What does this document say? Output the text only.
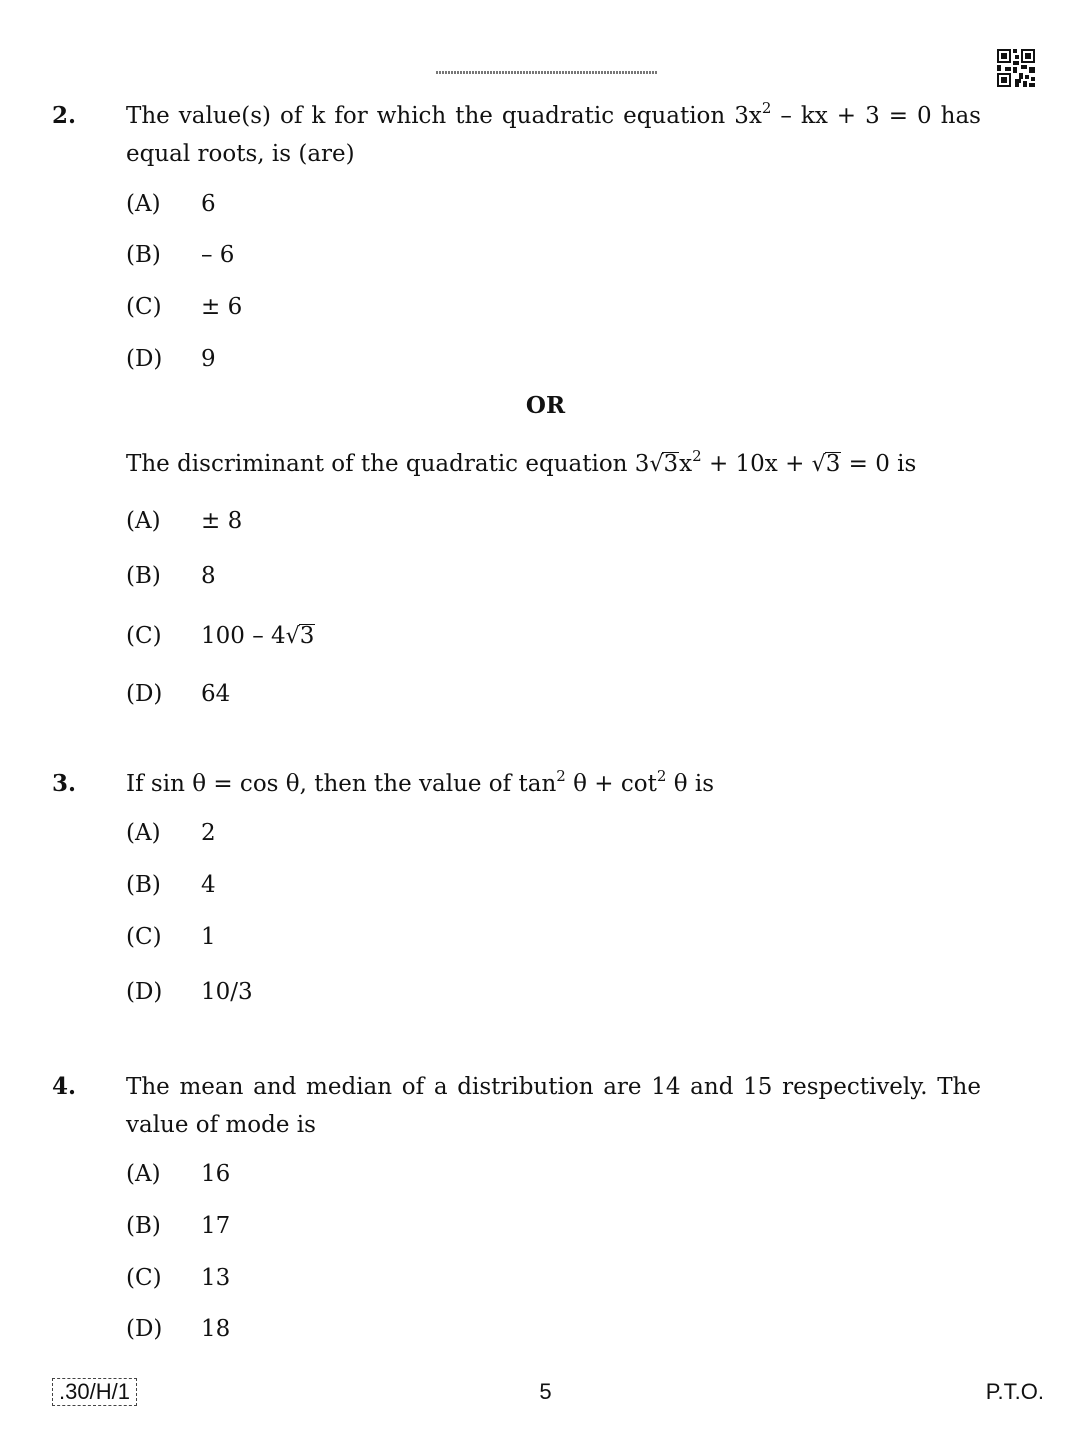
2. The value(s) of k for which the quadratic equation $3x^2$ – kx + 3 = 0 has
equal roots, is (are)
(A) 6
(B) – 6
(C) ± 6
(D) 9
OR
The discriminant of the quadratic equation $3√3x^2 + 10x + √3 = 0$ is
(A) ± 8
(B) 8
(C) 100 – 4√3
(D) 64
3. If sin θ = cos θ, then the value of $\tan^2 \theta + \cot^2 \theta$ is
(A) 2
(B) 4
(C) 1
(D) 10/3
4. The mean and median of a distribution are 14 and 15 respectively. The
value of mode is
(A) 16
(B) 17
(C) 13
(D) 18
.30/H/1	5	P.T.O.
